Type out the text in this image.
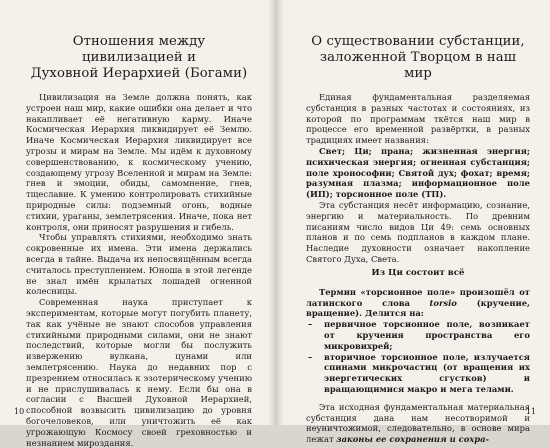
Отношения между цивилизацией и
Духовной Иерархией (Богами)

Цивилизация на Земле должна понять, как устроен наш мир, какие ошибки она делает и что накапливает её негативную карму. Иначе Космическая Иерархия ликвидирует её Землю. Иначе Космическая Иерархия ликвидирует все угрозы и мирам на Земле. Мы идём к духовному совершенствованию, к космическому учению, создающему угрозу Вселенной и мирам на Земле: гнев и эмоции, обиды, самомнение, гнев, тщеславие. К умению контролировать стихийные природные силы: подземный огонь, водные стихии, ураганы, землетрясения. Иначе, пока нет контроля, они приносят разрушения и гибель.

Чтобы управлять стихиями, необходимо знать сокровенные их имена. Эти имена держались всегда в тайне. Выдача их непосвящённым всегда считалось преступлением. Юноша в этой легенде не знал имён крылатых лошадей огненной колесницы.

Современная наука приступает к экспериментам, которые могут погубить планету, так как учёные не знают способов управления стихийными природными силами, они не знают последствий, которые могли бы послужить извержению вулкана, цунами или землетрясению. Наука до недавних пор с презрением относилась к эзотерическому учению и не прислушивалась к нему. Если бы она в согласии с Высшей Духовной Иерархией, способной возвысить цивилизацию до уровня богочеловеков, или уничтожить её как угрожающую Космосу своей греховностью и незнанием мироздания.

10
О существовании субстанции,
заложенной Творцом в наш мир

Единая фундаментальная разделяемая субстанция в разных частотах и состояниях, из которой по программам ткётся наш мир в процессе его временной развёртки, в разных традициях имеет названия:

Свет; Ци; прана; жизненная энергия; психическая энергия; огненная субстанция; поле хронософии; Святой дух; фохат; время; разумная плазма; информационное поле (ИП); торсионное поле (ТП).

Эта субстанция несёт информацию, сознание, энергию и материальность. По древним писаниям число видов Ци 49: семь основных планов и по семь подпланов в каждом плане. Наследие духовности означает накопление Святого Духа, Света.

Из Ци состоит всё

Термин «торсионное поле» произошёл от латинского слова torsio (кручение, вращение). Делится на:

– первичное торсионное поле, возникает от кручения пространства его микровихрей;
– вторичное торсионное поле, излучается спинами микрочастиц (от вращения их энергетических сгустков) и вращающимися макро и мега телами.

Эта исходная фундаментальная материальная субстанция дана нам несотворимой и неуничтожимой, следовательно, в основе мира лежат законы ее сохранения и сохра-

11
